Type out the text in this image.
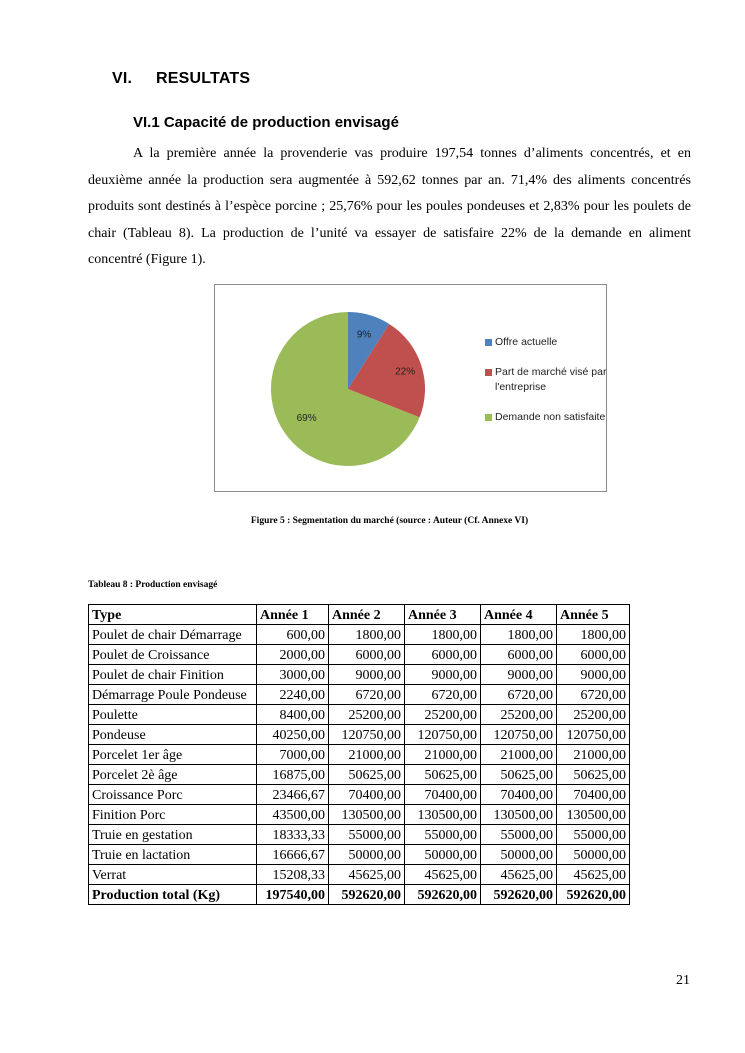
VI. RESULTATS
VI.1 Capacité de production envisagé
A la première année la provenderie vas produire 197,54 tonnes d’aliments concentrés, et en deuxième année la production sera augmentée à 592,62 tonnes par an. 71,4% des aliments concentrés produits sont destinés à l’espèce porcine ; 25,76% pour les poules pondeuses et 2,83% pour les poulets de chair (Tableau 8). La production de l’unité va essayer de satisfaire 22% de la demande en aliment concentré (Figure 1).
9%
22%
69%
Offre actuelle
Part de marché visé par l'entreprise
Demande non satisfaite
Figure 5 : Segmentation du marché (source : Auteur (Cf. Annexe VI)
Tableau 8 : Production envisagé
Type	Année 1	Année 2	Année 3	Année 4	Année 5
Poulet de chair Démarrage	600,00	1800,00	1800,00	1800,00	1800,00
Poulet de Croissance	2000,00	6000,00	6000,00	6000,00	6000,00
Poulet de chair Finition	3000,00	9000,00	9000,00	9000,00	9000,00
Démarrage Poule Pondeuse	2240,00	6720,00	6720,00	6720,00	6720,00
Poulette	8400,00	25200,00	25200,00	25200,00	25200,00
Pondeuse	40250,00	120750,00	120750,00	120750,00	120750,00
Porcelet 1er âge	7000,00	21000,00	21000,00	21000,00	21000,00
Porcelet 2è âge	16875,00	50625,00	50625,00	50625,00	50625,00
Croissance Porc	23466,67	70400,00	70400,00	70400,00	70400,00
Finition Porc	43500,00	130500,00	130500,00	130500,00	130500,00
Truie en gestation	18333,33	55000,00	55000,00	55000,00	55000,00
Truie en lactation	16666,67	50000,00	50000,00	50000,00	50000,00
Verrat	15208,33	45625,00	45625,00	45625,00	45625,00
Production total (Kg)	197540,00	592620,00	592620,00	592620,00	592620,00
21
